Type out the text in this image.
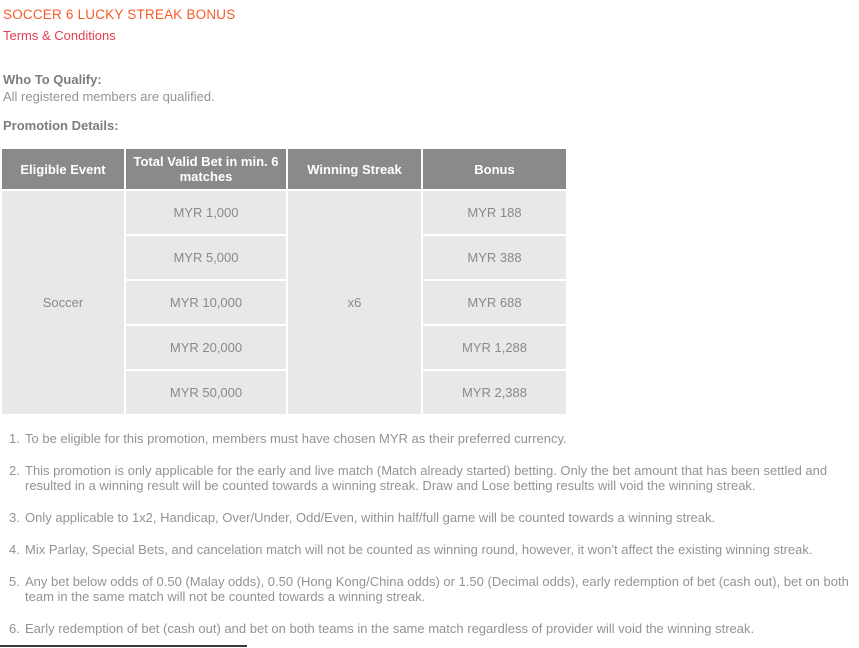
SOCCER 6 LUCKY STREAK BONUS
Terms & Conditions
Who To Qualify:

All registered members are qualified.

Promotion Details:
Eligible Event	Total Valid Bet in min. 6 matches	Winning Streak	Bonus
Soccer	MYR 1,000	x6	MYR 188
	MYR 5,000		MYR 388
	MYR 10,000		MYR 688
	MYR 20,000		MYR 1,288
	MYR 50,000		MYR 2,388
1. To be eligible for this promotion, members must have chosen MYR as their preferred currency.
2. This promotion is only applicable for the early and live match (Match already started) betting. Only the bet amount that has been settled and resulted in a winning result will be counted towards a winning streak. Draw and Lose betting results will void the winning streak.
3. Only applicable to 1x2, Handicap, Over/Under, Odd/Even, within half/full game will be counted towards a winning streak.
4. Mix Parlay, Special Bets, and cancelation match will not be counted as winning round, however, it won't affect the existing winning streak.
5. Any bet below odds of 0.50 (Malay odds), 0.50 (Hong Kong/China odds) or 1.50 (Decimal odds), early redemption of bet (cash out), bet on both team in the same match will not be counted towards a winning streak.
6. Early redemption of bet (cash out) and bet on both teams in the same match regardless of provider will void the winning streak.
